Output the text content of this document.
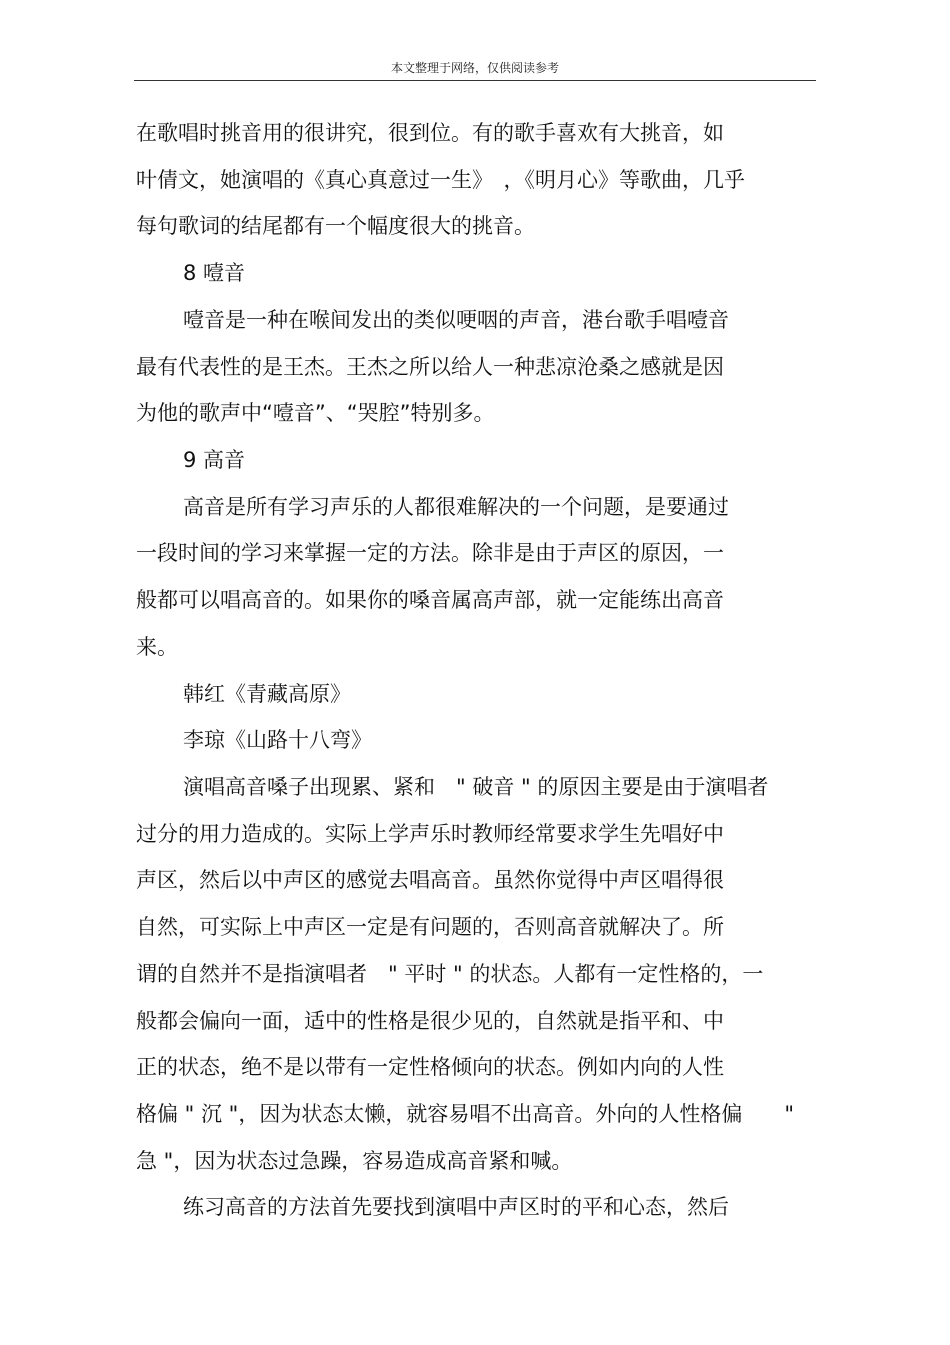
本文整理于网络，仅供阅读参考
在歌唱时挑音用的很讲究，很到位。有的歌手喜欢有大挑音，如
叶倩文，她演唱的《真心真意过一生》　，《明月心》等歌曲，几乎
每句歌词的结尾都有一个幅度很大的挑音。
8 噎音
噎音是一种在喉间发出的类似哽咽的声音，港台歌手唱噎音
最有代表性的是王杰。王杰之所以给人一种悲凉沧桑之感就是因
为他的歌声中“噎音”、“哭腔”特别多。
9 高音
高音是所有学习声乐的人都很难解决的一个问题，是要通过
一段时间的学习来掌握一定的方法。除非是由于声区的原因，一
般都可以唱高音的。如果你的嗓音属高声部，就一定能练出高音
来。
韩红《青藏高原》
李琼《山路十八弯》
演唱高音嗓子出现累、紧和　" 破音 " 的原因主要是由于演唱者
过分的用力造成的。实际上学声乐时教师经常要求学生先唱好中
声区，然后以中声区的感觉去唱高音。虽然你觉得中声区唱得很
自然，可实际上中声区一定是有问题的，否则高音就解决了。所
谓的自然并不是指演唱者　" 平时 " 的状态。人都有一定性格的，一
般都会偏向一面，适中的性格是很少见的，自然就是指平和、中
正的状态，绝不是以带有一定性格倾向的状态。例如内向的人性
格偏 " 沉 "，因为状态太懒，就容易唱不出高音。外向的人性格偏　　"
急 "，因为状态过急躁，容易造成高音紧和喊。
练习高音的方法首先要找到演唱中声区时的平和心态，然后
